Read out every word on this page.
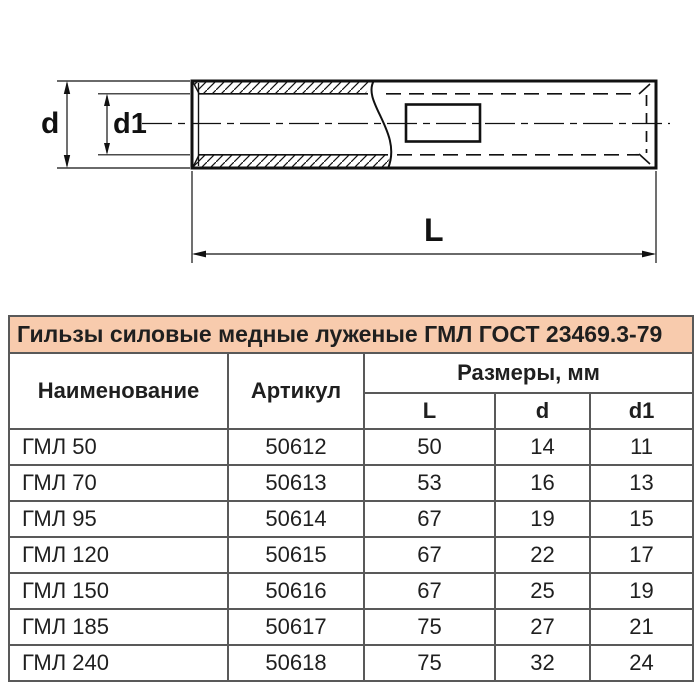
d d1
L
Гильзы силовые медные луженые ГМЛ ГОСТ 23469.3-79				
Наименование	Артикул	Размеры, мм		
		L	d	d1
ГМЛ 50	50612	50	14	11
ГМЛ 70	50613	53	16	13
ГМЛ 95	50614	67	19	15
ГМЛ 120	50615	67	22	17
ГМЛ 150	50616	67	25	19
ГМЛ 185	50617	75	27	21
ГМЛ 240	50618	75	32	24
